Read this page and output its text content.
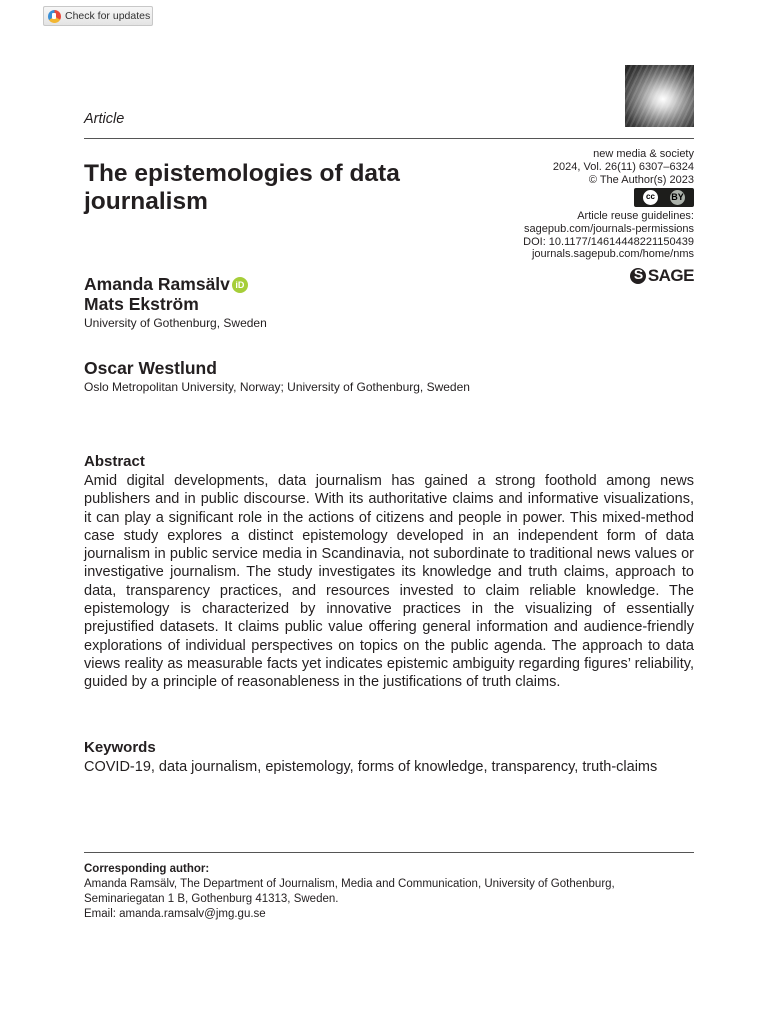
Check for updates
Article
new media & society
2024, Vol. 26(11) 6307–6324
© The Author(s) 2023
cc	BY
Article reuse guidelines:
sagepub.com/journals-permissions
DOI: 10.1177/14614448221150439
journals.sagepub.com/home/nms
S
SAGE
The epistemologies of data journalism
Amanda Ramsälv iD
Mats Ekström
University of Gothenburg, Sweden
Oscar Westlund
Oslo Metropolitan University, Norway; University of Gothenburg, Sweden
Abstract

Amid digital developments, data journalism has gained a strong foothold among news publishers and in public discourse. With its authoritative claims and informative visualizations, it can play a significant role in the actions of citizens and people in power. This mixed-method case study explores a distinct epistemology developed in an independent form of data journalism in public service media in Scandinavia, not subordinate to traditional news values or investigative journalism. The study investigates its knowledge and truth claims, approach to data, transparency practices, and resources invested to claim reliable knowledge. The epistemology is characterized by innovative practices in the visualizing of essentially prejustified datasets. It claims public value offering general information and audience-friendly explorations of individual perspectives on topics on the public agenda. The approach to data views reality as measurable facts yet indicates epistemic ambiguity regarding figures’ reliability, guided by a principle of reasonableness in the justifications of truth claims.

Keywords

COVID-19, data journalism, epistemology, forms of knowledge, transparency, truth-claims

Corresponding author:
Amanda Ramsälv, The Department of Journalism, Media and Communication, University of Gothenburg,
Seminariegatan 1 B, Gothenburg 41313, Sweden.
Email: amanda.ramsalv@jmg.gu.se
